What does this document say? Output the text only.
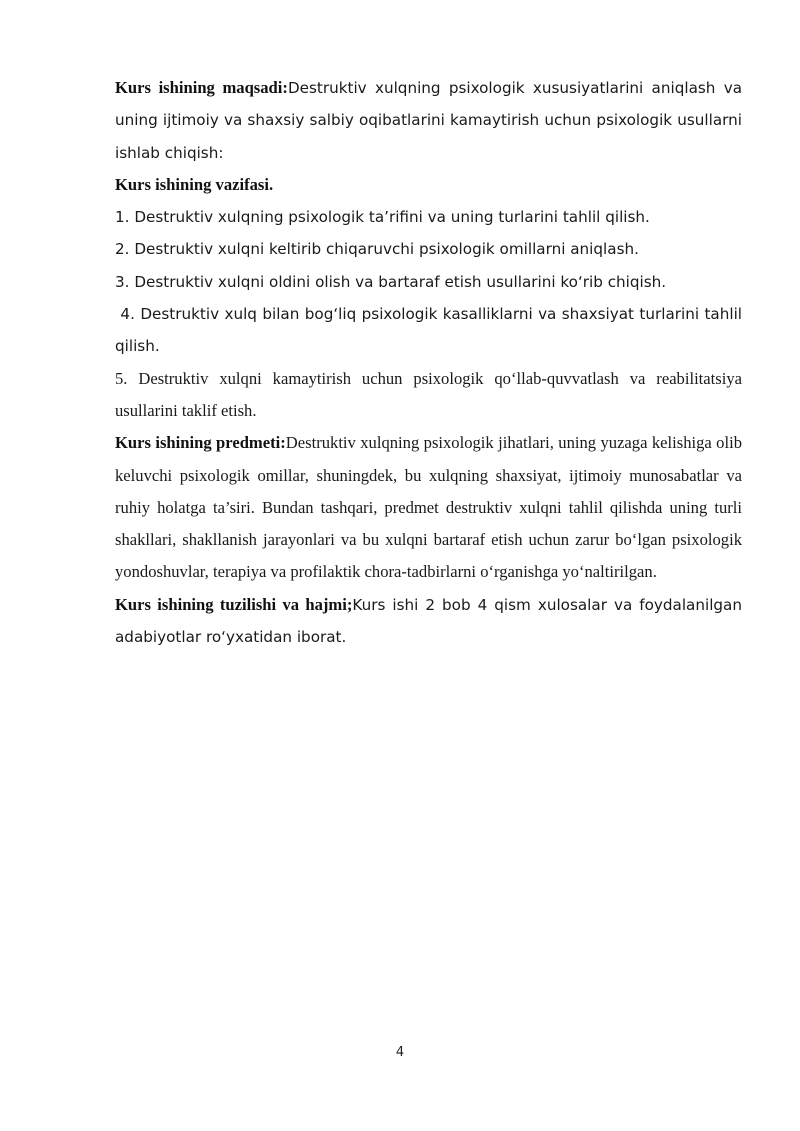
Kurs ishining maqsadi:Destruktiv xulqning psixologik xususiyatlarini aniqlash va uning ijtimoiy va shaxsiy salbiy oqibatlarini kamaytirish uchun psixologik usullarni ishlab chiqish:

Kurs ishining vazifasi.

1. Destruktiv xulqning psixologik ta’rifini va uning turlarini tahlil qilish.

2. Destruktiv xulqni keltirib chiqaruvchi psixologik omillarni aniqlash.

3. Destruktiv xulqni oldini olish va bartaraf etish usullarini ko‘rib chiqish.

4. Destruktiv xulq bilan bog‘liq psixologik kasalliklarni va shaxsiyat turlarini tahlil qilish.

5. Destruktiv xulqni kamaytirish uchun psixologik qo‘llab-quvvatlash va reabilitatsiya usullarini taklif etish.

Kurs ishining predmeti:Destruktiv xulqning psixologik jihatlari, uning yuzaga kelishiga olib keluvchi psixologik omillar, shuningdek, bu xulqning shaxsiyat, ijtimoiy munosabatlar va ruhiy holatga ta’siri. Bundan tashqari, predmet destruktiv xulqni tahlil qilishda uning turli shakllari, shakllanish jarayonlari va bu xulqni bartaraf etish uchun zarur bo‘lgan psixologik yondoshuvlar, terapiya va profilaktik chora-tadbirlarni o‘rganishga yo‘naltirilgan.

Kurs ishining tuzilishi va hajmi;Kurs ishi 2 bob 4 qism xulosalar va foydalanilgan adabiyotlar ro‘yxatidan iborat.

4
